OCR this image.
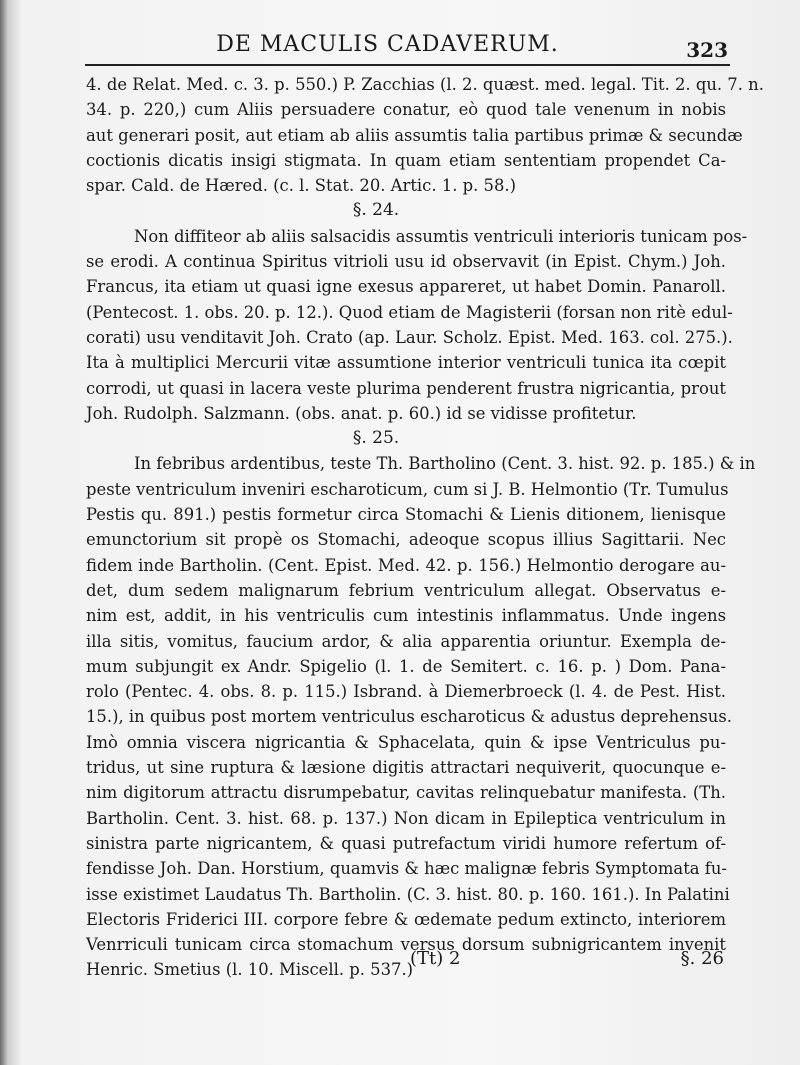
DE MACULIS CADAVERUM.	323
4. de Relat. Med. c. 3. p. 550.) P. Zacchias (l. 2. quæst. med. legal. Tit. 2. qu. 7. n.
34. p. 220,) cum Aliis persuadere conatur, eò quod tale venenum in nobis
aut generari posit, aut etiam ab aliis assumtis talia partibus primæ & secundæ
coctionis dicatis insigi stigmata. In quam etiam sententiam propendet Ca-
spar. Cald. de Hæred. (c. l. Stat. 20. Artic. 1. p. 58.)
§. 24.
Non diffiteor ab aliis salsacidis assumtis ventriculi interioris tunicam pos-
se erodi. A continua Spiritus vitrioli usu id observavit (in Epist. Chym.) Joh.
Francus, ita etiam ut quasi igne exesus appareret, ut habet Domin. Panaroll.
(Pentecost. 1. obs. 20. p. 12.). Quod etiam de Magisterii (forsan non ritè edul-
corati) usu venditavit Joh. Crato (ap. Laur. Scholz. Epist. Med. 163. col. 275.).
Ita à multiplici Mercurii vitæ assumtione interior ventriculi tunica ita cœpit
corrodi, ut quasi in lacera veste plurima penderent frustra nigricantia, prout
Joh. Rudolph. Salzmann. (obs. anat. p. 60.) id se vidisse profitetur.
§. 25.
In febribus ardentibus, teste Th. Bartholino (Cent. 3. hist. 92. p. 185.) & in
peste ventriculum inveniri escharoticum, cum si J. B. Helmontio (Tr. Tumulus
Pestis qu. 891.) pestis formetur circa Stomachi & Lienis ditionem, lienisque
emunctorium sit propè os Stomachi, adeoque scopus illius Sagittarii. Nec
fidem inde Bartholin. (Cent. Epist. Med. 42. p. 156.) Helmontio derogare au-
det, dum sedem malignarum febrium ventriculum allegat. Observatus e-
nim est, addit, in his ventriculis cum intestinis inflammatus. Unde ingens
illa sitis, vomitus, faucium ardor, & alia apparentia oriuntur. Exempla de-
mum subjungit ex Andr. Spigelio (l. 1. de Semitert. c. 16. p. ) Dom. Pana-
rolo (Pentec. 4. obs. 8. p. 115.) Isbrand. à Diemerbroeck (l. 4. de Pest. Hist.
15.), in quibus post mortem ventriculus escharoticus & adustus deprehensus.
Imò omnia viscera nigricantia & Sphacelata, quin & ipse Ventriculus pu-
tridus, ut sine ruptura & læsione digitis attractari nequiverit, quocunque e-
nim digitorum attractu disrumpebatur, cavitas relinquebatur manifesta. (Th.
Bartholin. Cent. 3. hist. 68. p. 137.) Non dicam in Epileptica ventriculum in
sinistra parte nigricantem, & quasi putrefactum viridi humore refertum of-
fendisse Joh. Dan. Horstium, quamvis & hæc malignæ febris Symptomata fu-
isse existimet Laudatus Th. Bartholin. (C. 3. hist. 80. p. 160. 161.). In Palatini
Electoris Friderici III. corpore febre & œdemate pedum extincto, interiorem
Venrriculi tunicam circa stomachum versus dorsum subnigricantem invenit
Henric. Smetius (l. 10. Miscell. p. 537.)
(Tt) 2	§. 26
